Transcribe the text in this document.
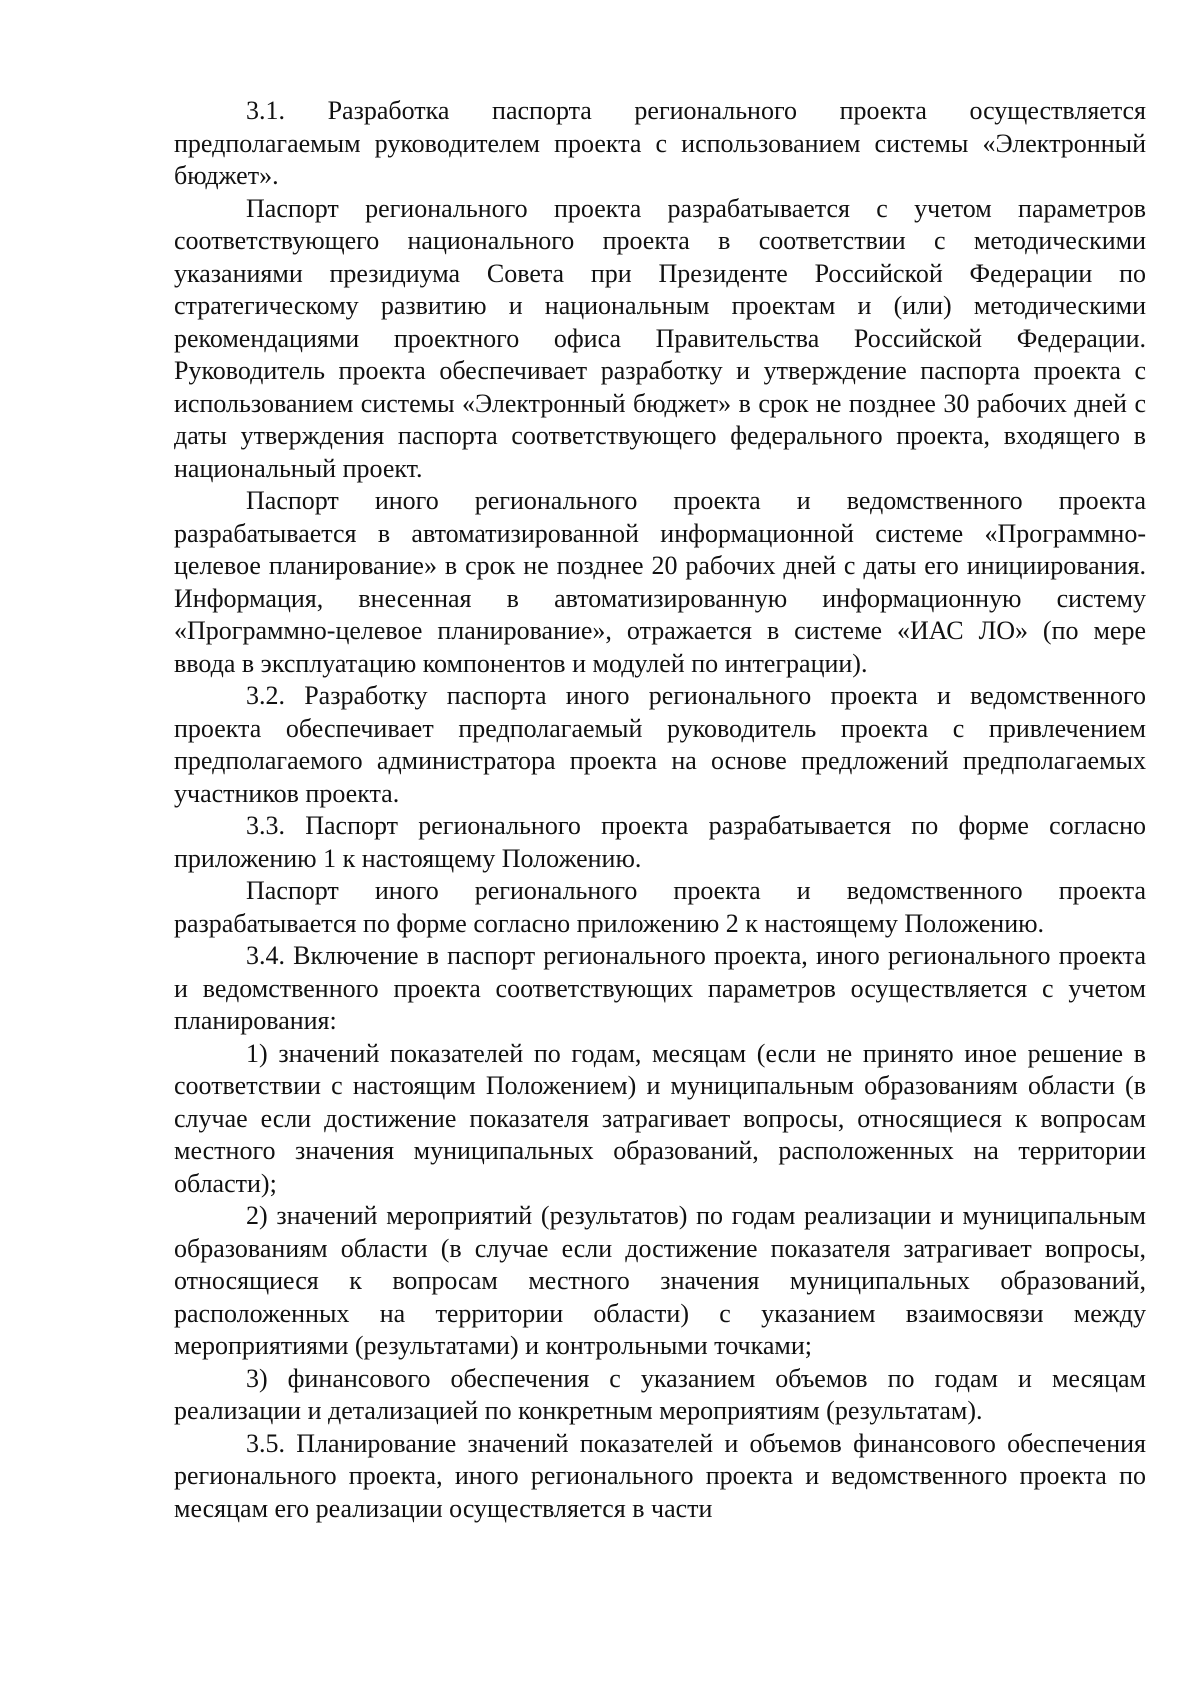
3.1. Разработка паспорта регионального проекта осуществляется предполагаемым руководителем проекта с использованием системы «Электронный бюджет».

Паспорт регионального проекта разрабатывается с учетом параметров соответствующего национального проекта в соответствии с методическими указаниями президиума Совета при Президенте Российской Федерации по стратегическому развитию и национальным проектам и (или) методическими рекомендациями проектного офиса Правительства Российской Федерации. Руководитель проекта обеспечивает разработку и утверждение паспорта проекта с использованием системы «Электронный бюджет» в срок не позднее 30 рабочих дней с даты утверждения паспорта соответствующего федерального проекта, входящего в национальный проект.

Паспорт иного регионального проекта и ведомственного проекта разрабатывается в автоматизированной информационной системе «Программно-целевое планирование» в срок не позднее 20 рабочих дней с даты его инициирования. Информация, внесенная в автоматизированную информационную систему «Программно-целевое планирование», отражается в системе «ИАС ЛО» (по мере ввода в эксплуатацию компонентов и модулей по интеграции).

3.2. Разработку паспорта иного регионального проекта и ведомственного проекта обеспечивает предполагаемый руководитель проекта с привлечением предполагаемого администратора проекта на основе предложений предполагаемых участников проекта.

3.3. Паспорт регионального проекта разрабатывается по форме согласно приложению 1 к настоящему Положению.

Паспорт иного регионального проекта и ведомственного проекта разрабатывается по форме согласно приложению 2 к настоящему Положению.

3.4. Включение в паспорт регионального проекта, иного регионального проекта и ведомственного проекта соответствующих параметров осуществляется с учетом планирования:

1) значений показателей по годам, месяцам (если не принято иное решение в соответствии с настоящим Положением) и муниципальным образованиям области (в случае если достижение показателя затрагивает вопросы, относящиеся к вопросам местного значения муниципальных образований, расположенных на территории области);

2) значений мероприятий (результатов) по годам реализации и муниципальным образованиям области (в случае если достижение показателя затрагивает вопросы, относящиеся к вопросам местного значения муниципальных образований, расположенных на территории области) с указанием взаимосвязи между мероприятиями (результатами) и контрольными точками;

3) финансового обеспечения с указанием объемов по годам и месяцам реализации и детализацией по конкретным мероприятиям (результатам).

3.5. Планирование значений показателей и объемов финансового обеспечения регионального проекта, иного регионального проекта и ведомственного проекта по месяцам его реализации осуществляется в части
